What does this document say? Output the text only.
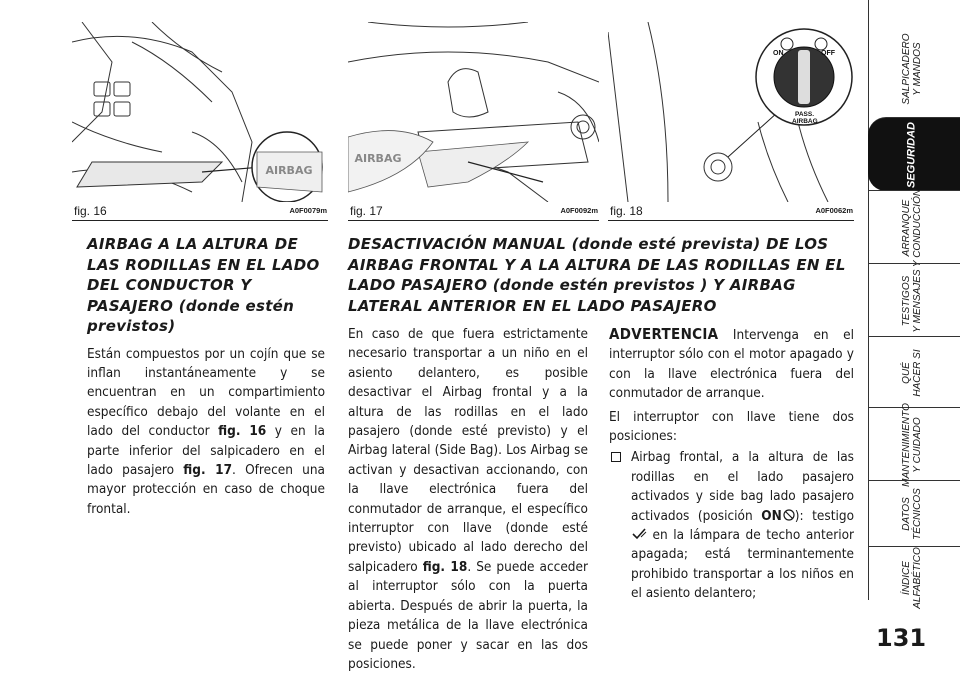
AIRBAG
fig. 16	A0F0079m
AIRBAG
fig. 17	A0F0092m
ON	OFF
PASS.
AIRBAG
fig. 18	A0F0062m
AIRBAG A LA ALTURA DE
LAS RODILLAS EN EL LADO
DEL CONDUCTOR Y
PASAJERO (donde estén
previstos)

Están compuestos por un cojín que se inflan instantáneamente y se encuentran en un compartimiento específico debajo del volante en el lado del conductor fig. 16 y en la parte inferior del salpicadero en el lado pasajero fig. 17. Ofrecen una mayor protección en caso de choque frontal.

DESACTIVACIÓN MANUAL (donde esté prevista) DE LOS
AIRBAG FRONTAL Y A LA ALTURA DE LAS RODILLAS EN EL
LADO PASAJERO (donde estén previstos ) Y AIRBAG
LATERAL ANTERIOR EN EL LADO PASAJERO

En caso de que fuera estrictamente necesario transportar a un niño en el asiento delantero, es posible desactivar el Airbag frontal y a la altura de las rodillas en el lado pasajero (donde esté previsto) y el Airbag lateral (Side Bag). Los Airbag se activan y desactivan accionando, con la llave electrónica fuera del conmutador de arranque, el específico interruptor con llave (donde esté previsto) ubicado al lado derecho del salpicadero fig. 18. Se puede acceder al interruptor sólo con la puerta abierta. Después de abrir la puerta, la pieza metálica de la llave electrónica se puede poner y sacar en las dos posiciones.

ADVERTENCIA Intervenga en el interruptor sólo con el motor apagado y con la llave electrónica fuera del conmutador de arranque.

El interruptor con llave tiene dos posiciones:

Airbag frontal, a la altura de las rodillas en el lado pasajero activados y side bag lado pasajero activados (posición ON ): testigo  en la lámpara de techo anterior apagada; está terminantemente prohibido transportar a los niños en el asiento delantero;

SALPICADERO
Y MANDOS
SEGURIDAD
ARRANQUE
Y CONDUCCIÓN
TESTIGOS
Y MENSAJES
QUÉ
HACER SI
MANTENIMIENTO
Y CUIDADO
DATOS
TÉCNICOS
ÍNDICE
ALFABÉTICO
131
